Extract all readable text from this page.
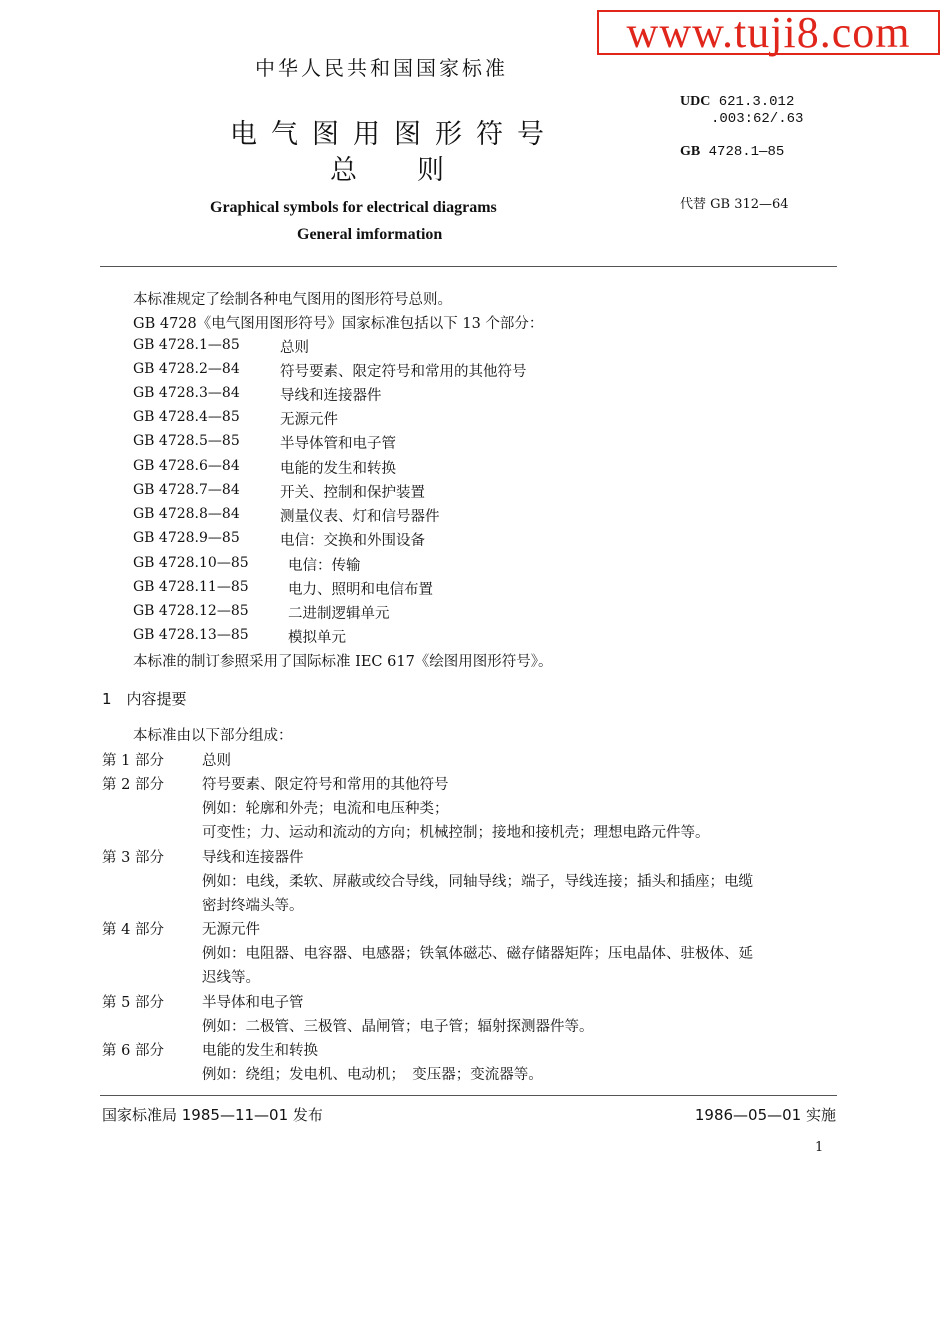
www.tuji8.com
中华人民共和国国家标准
电气图用图形符号
总则
Graphical symbols for electrical diagrams
General imformation
UDC 621.3.012
.003:62/.63
GB 4728.1—85
代替 GB 312—64
本标准规定了绘制各种电气图用的图形符号总则。
GB 4728《电气图用图形符号》国家标准包括以下 13 个部分：
GB 4728.1—85	总则
GB 4728.2—84	符号要素、限定符号和常用的其他符号
GB 4728.3—84	导线和连接器件
GB 4728.4—85	无源元件
GB 4728.5—85	半导体管和电子管
GB 4728.6—84	电能的发生和转换
GB 4728.7—84	开关、控制和保护装置
GB 4728.8—84	测量仪表、灯和信号器件
GB 4728.9—85	电信：交换和外围设备
GB 4728.10—85	电信：传输
GB 4728.11—85	电力、照明和电信布置
GB 4728.12—85	二进制逻辑单元
GB 4728.13—85	模拟单元
本标准的制订参照采用了国际标准 IEC 617《绘图用图形符号》。
1　内容提要
本标准由以下部分组成：
第 1 部分	总则
第 2 部分	符号要素、限定符号和常用的其他符号
例如：轮廓和外壳；电流和电压种类；
可变性；力、运动和流动的方向；机械控制；接地和接机壳；理想电路元件等。
第 3 部分	导线和连接器件
例如：电线，柔软、屏蔽或绞合导线，同轴导线；端子，导线连接；插头和插座；电缆
密封终端头等。
第 4 部分	无源元件
例如：电阻器、电容器、电感器；铁氧体磁芯、磁存储器矩阵；压电晶体、驻极体、延
迟线等。
第 5 部分	半导体和电子管
例如：二极管、三极管、晶闸管；电子管；辐射探测器件等。
第 6 部分	电能的发生和转换
例如：绕组；发电机、电动机；　变压器；变流器等。
国家标准局 1985—11—01 发布	1986—05—01 实施
1
